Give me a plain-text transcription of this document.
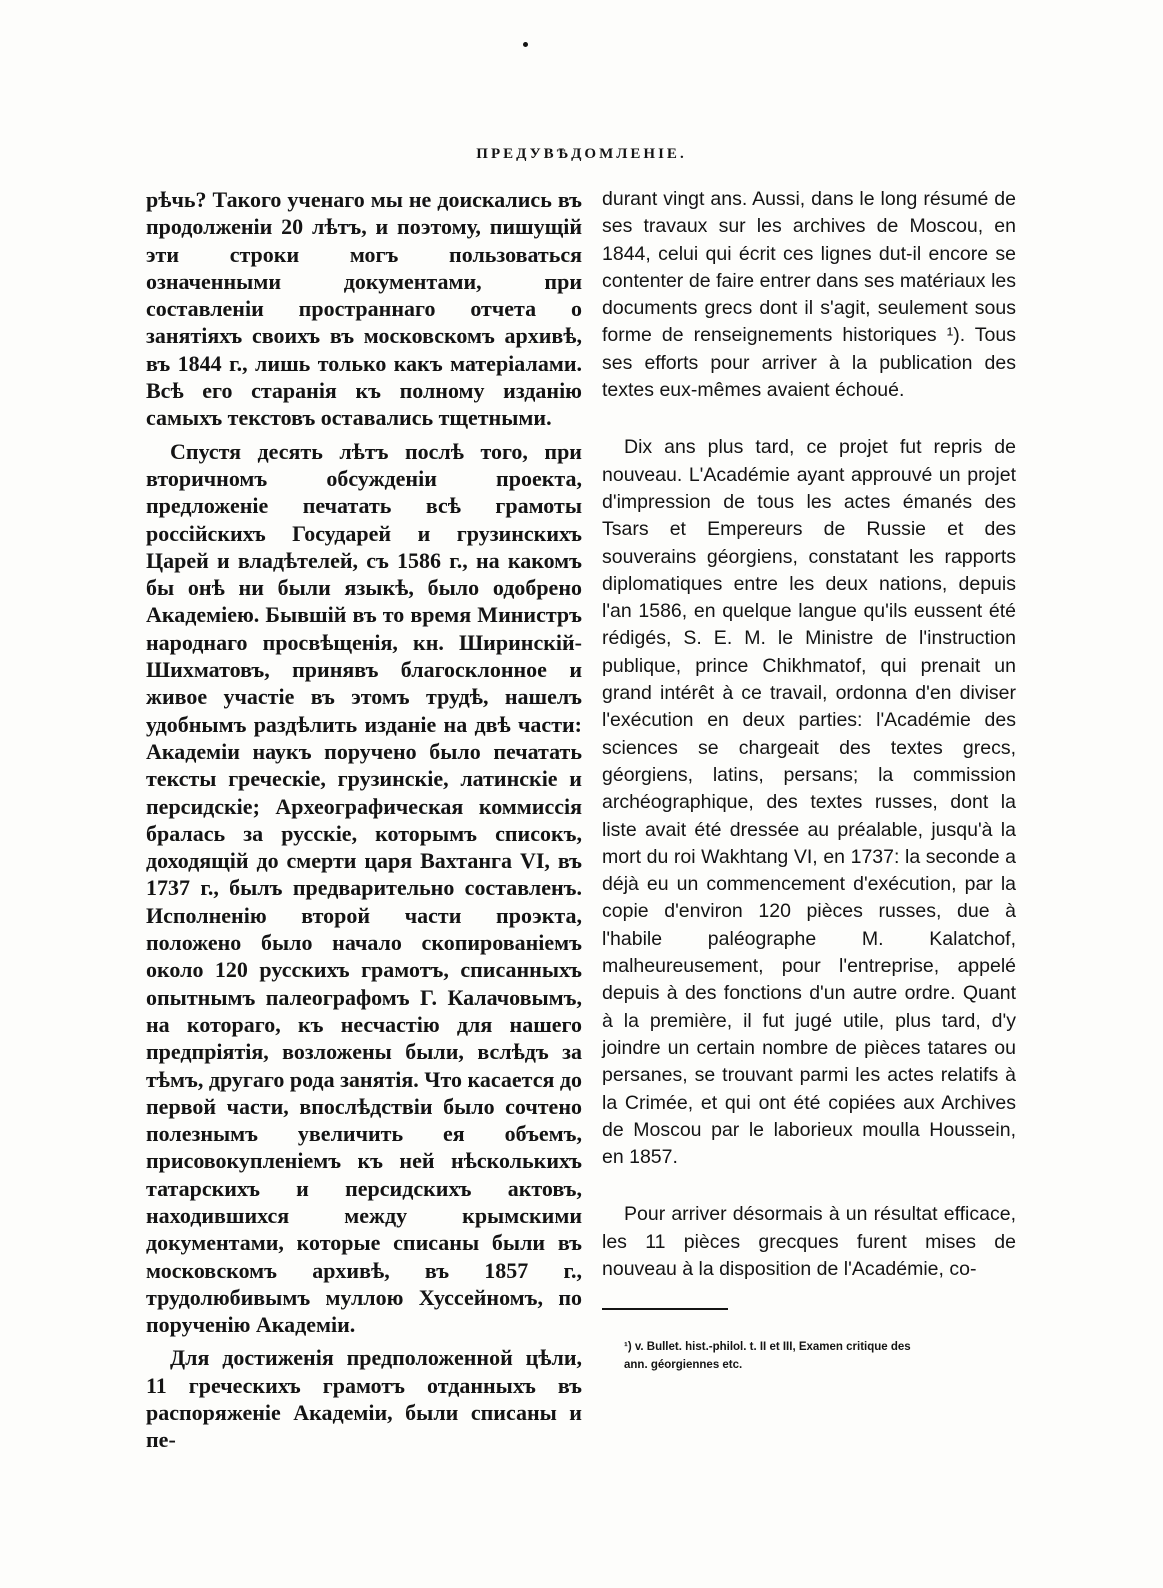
ПРЕДУВѢДОМЛЕНІЕ.

рѣчь? Такого ученаго мы не доискались въ продолженіи 20 лѣтъ, и поэтому, пишущій эти строки могъ пользоваться означенными документами, при составленіи пространнаго отчета о занятіяхъ своихъ въ московскомъ архивѣ, въ 1844 г., лишь только какъ матеріалами. Всѣ его старанія къ полному изданію самыхъ текстовъ оставались тщетными.

Спустя десять лѣтъ послѣ того, при вторичномъ обсужденіи проекта, предложеніе печатать всѣ грамоты россійскихъ Государей и грузинскихъ Царей и владѣтелей, съ 1586 г., на какомъ бы онѣ ни были языкѣ, было одобрено Академіею. Бывшій въ то время Министръ народнаго просвѣщенія, кн. Ширинскій-Шихматовъ, принявъ благосклонное и живое участіе въ этомъ трудѣ, нашелъ удобнымъ раздѣлить изданіе на двѣ части: Академіи наукъ поручено было печатать тексты греческіе, грузинскіе, латинскіе и персидскіе; Археографическая коммиссія бралась за русскіе, которымъ списокъ, доходящій до смерти царя Вахтанга VI, въ 1737 г., былъ предварительно составленъ. Исполненію второй части проэкта, положено было начало скопированіемъ около 120 русскихъ грамотъ, списанныхъ опытнымъ палеографомъ Г. Калачовымъ, на котораго, къ несчастію для нашего предпріятія, возложены были, вслѣдъ за тѣмъ, другаго рода занятія. Что касается до первой части, впослѣдствіи было сочтено полезнымъ увеличить ея объемъ, присовокупленіемъ къ ней нѣсколькихъ татарскихъ и персидскихъ актовъ, находившихся между крымскими документами, которые списаны были въ московскомъ архивѣ, въ 1857 г., трудолюбивымъ муллою Хуссейномъ, по порученію Академіи.

Для достиженія предположенной цѣли, 11 греческихъ грамотъ отданныхъ въ распоряженіе Академіи, были списаны и пе-

durant vingt ans. Aussi, dans le long résumé de ses travaux sur les archives de Moscou, en 1844, celui qui écrit ces lignes dut-il encore se contenter de faire entrer dans ses matériaux les documents grecs dont il s'agit, seulement sous forme de renseignements historiques ¹). Tous ses efforts pour arriver à la publication des textes eux-mêmes avaient échoué.

Dix ans plus tard, ce projet fut repris de nouveau. L'Académie ayant approuvé un projet d'impression de tous les actes émanés des Tsars et Empereurs de Russie et des souverains géorgiens, constatant les rapports diplomatiques entre les deux nations, depuis l'an 1586, en quelque langue qu'ils eussent été rédigés, S. E. M. le Ministre de l'instruction publique, prince Chikhmatof, qui prenait un grand intérêt à ce travail, ordonna d'en diviser l'exécution en deux parties: l'Académie des sciences se chargeait des textes grecs, géorgiens, latins, persans; la commission archéographique, des textes russes, dont la liste avait été dressée au préalable, jusqu'à la mort du roi Wakhtang VI, en 1737: la seconde a déjà eu un commencement d'exécution, par la copie d'environ 120 pièces russes, due à l'habile paléographe M. Kalatchof, malheureusement, pour l'entreprise, appelé depuis à des fonctions d'un autre ordre. Quant à la première, il fut jugé utile, plus tard, d'y joindre un certain nombre de pièces tatares ou persanes, se trouvant parmi les actes relatifs à la Crimée, et qui ont été copiées aux Archives de Moscou par le laborieux moulla Houssein, en 1857.

Pour arriver désormais à un résultat efficace, les 11 pièces grecques furent mises de nouveau à la disposition de l'Académie, co-

¹) v. Bullet. hist.-philol. t. II et III, Examen critique des
ann. géorgiennes etc.
